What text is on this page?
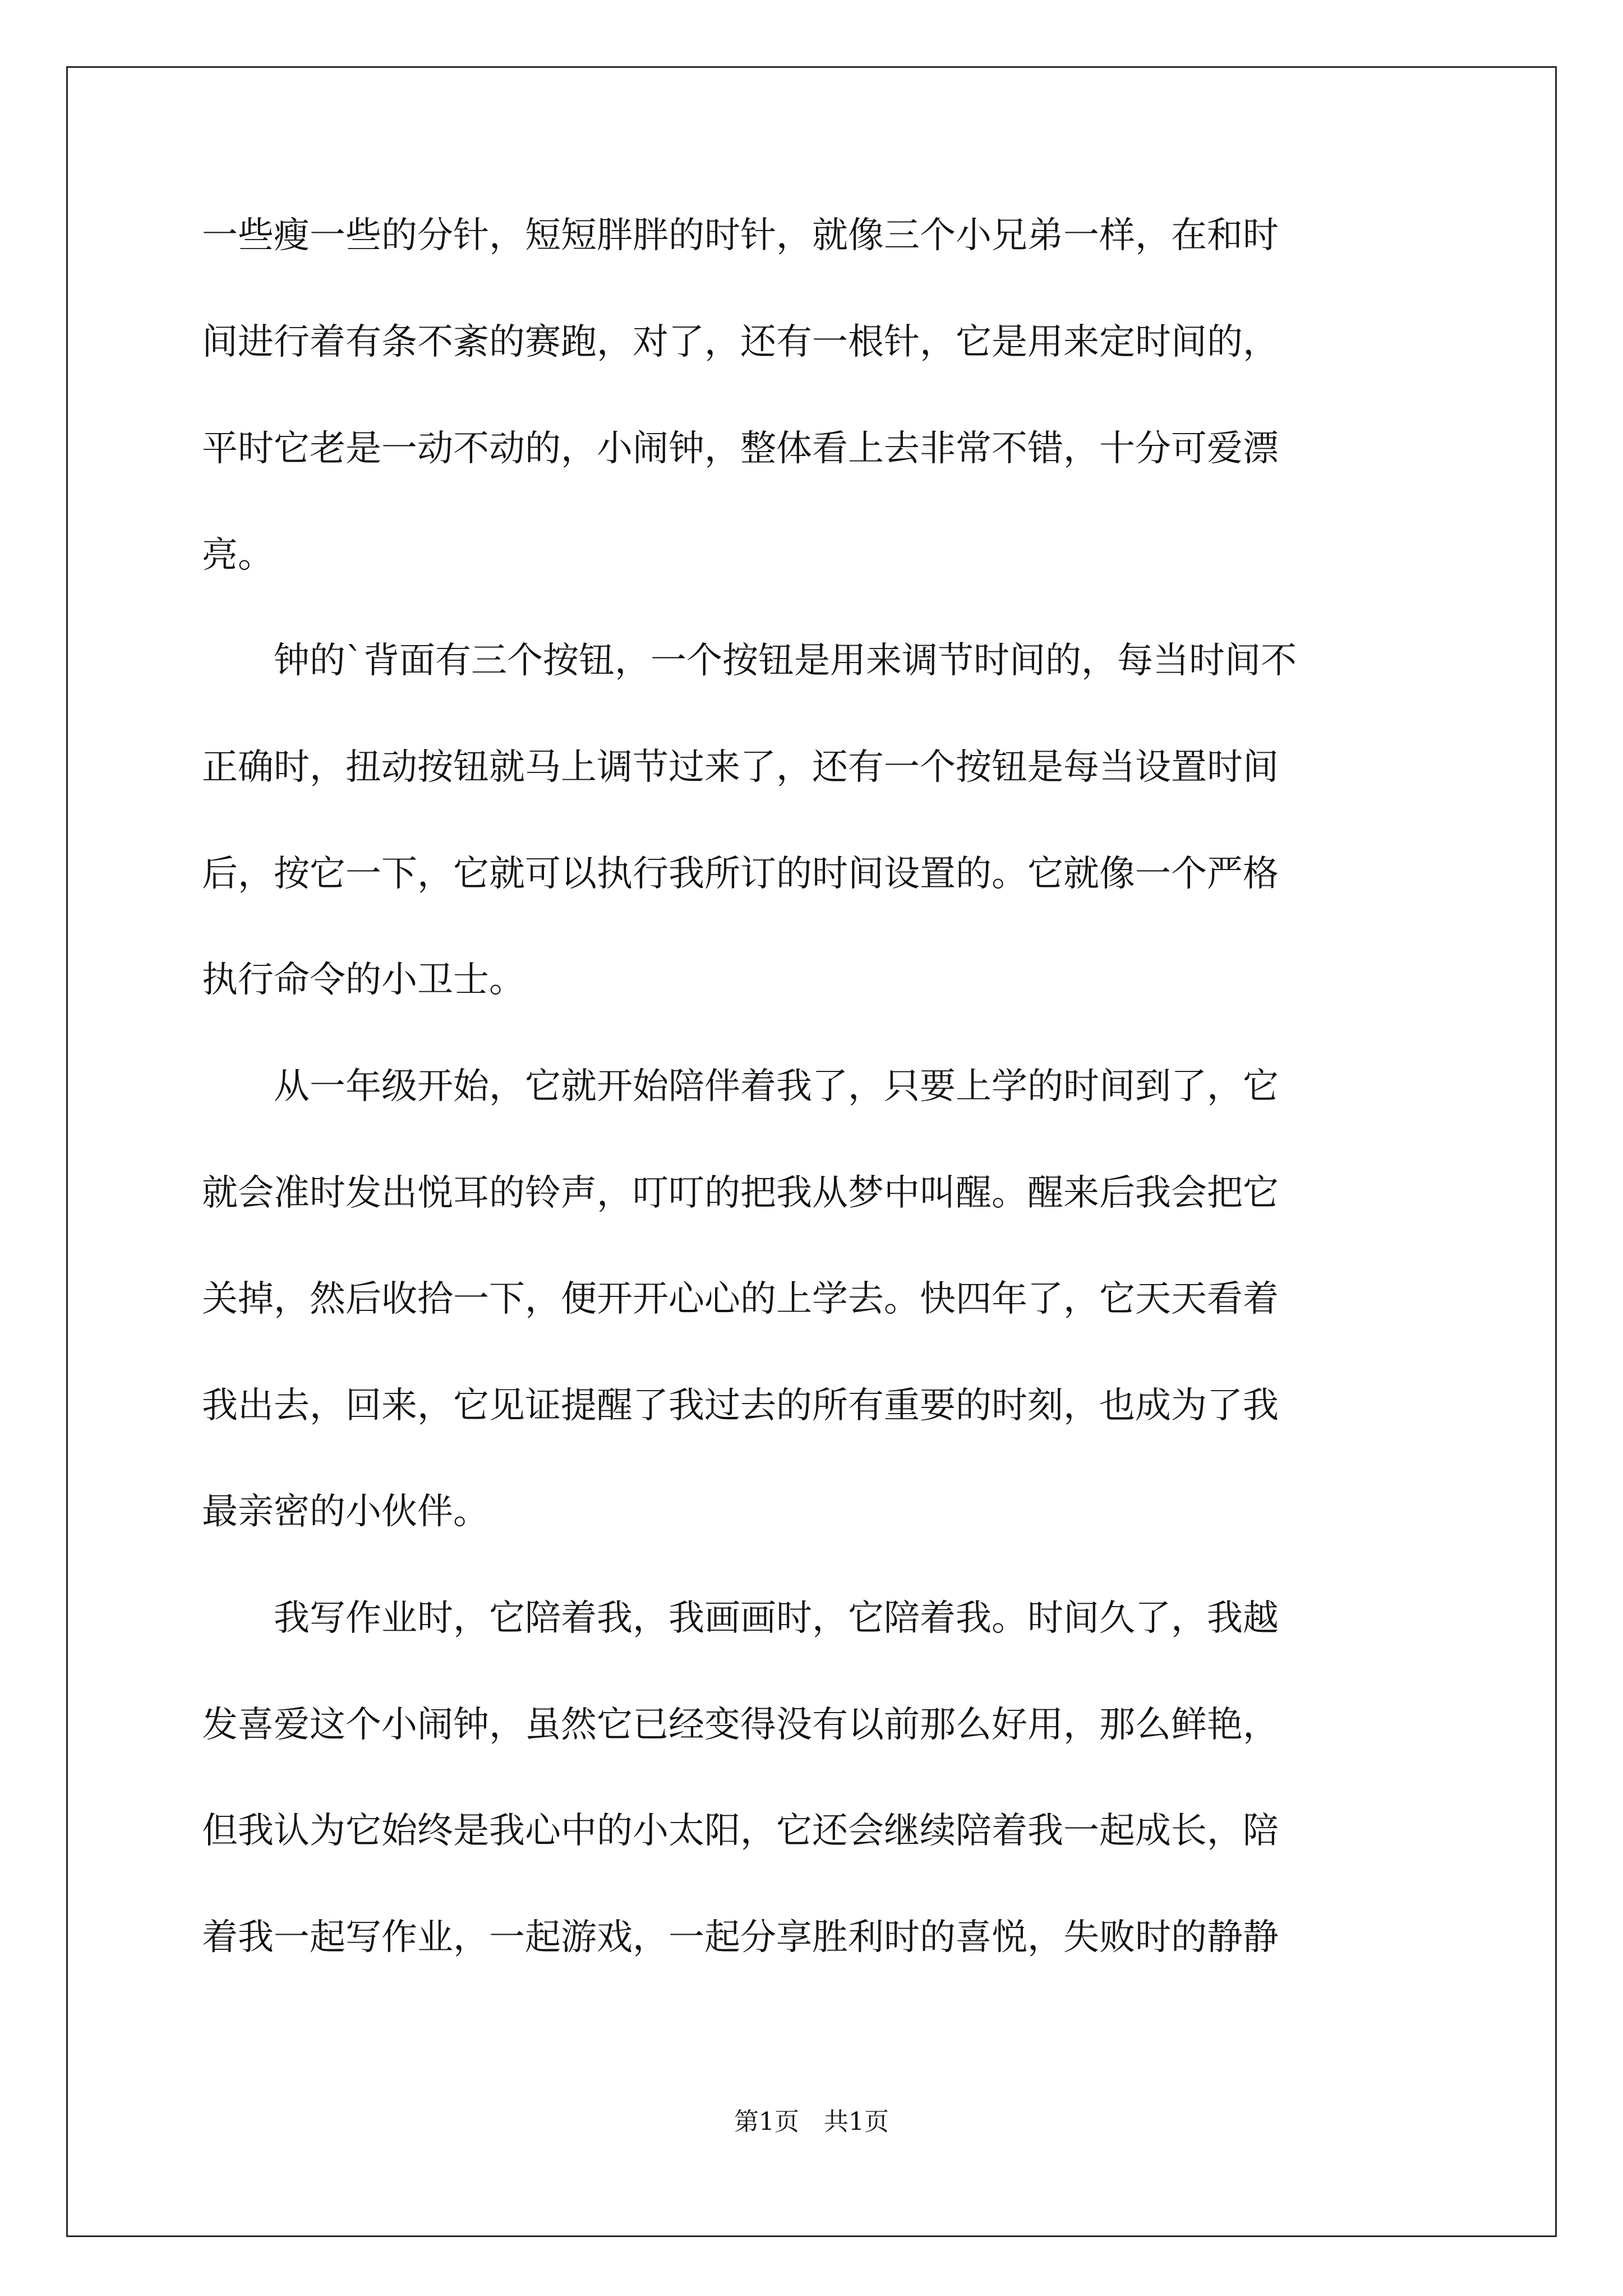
一些瘦一些的分针，短短胖胖的时针，就像三个小兄弟一样，在和时
间进行着有条不紊的赛跑，对了，还有一根针，它是用来定时间的，
平时它老是一动不动的，小闹钟，整体看上去非常不错，十分可爱漂
亮。
　　钟的`背面有三个按钮，一个按钮是用来调节时间的，每当时间不
正确时，扭动按钮就马上调节过来了，还有一个按钮是每当设置时间
后，按它一下，它就可以执行我所订的时间设置的。它就像一个严格
执行命令的小卫士。
　　从一年级开始，它就开始陪伴着我了，只要上学的时间到了，它
就会准时发出悦耳的铃声，叮叮的把我从梦中叫醒。醒来后我会把它
关掉，然后收拾一下，便开开心心的上学去。快四年了，它天天看着
我出去，回来，它见证提醒了我过去的所有重要的时刻，也成为了我
最亲密的小伙伴。
　　我写作业时，它陪着我，我画画时，它陪着我。时间久了，我越
发喜爱这个小闹钟，虽然它已经变得没有以前那么好用，那么鲜艳，
但我认为它始终是我心中的小太阳，它还会继续陪着我一起成长，陪
着我一起写作业，一起游戏，一起分享胜利时的喜悦，失败时的静静
第1页　共1页
